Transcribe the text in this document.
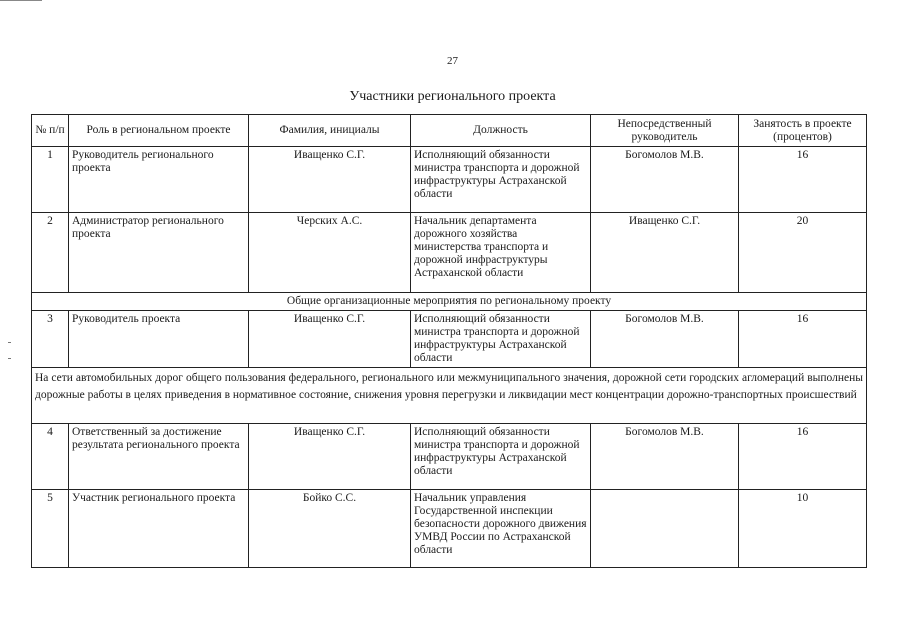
27
Участники регионального проекта
№ п/п	Роль в региональном проекте	Фамилия, инициалы	Должность	Непосредственный руководитель	Занятость в проекте (процентов)
1	Руководитель регионального проекта	Иващенко С.Г.	Исполняющий обязанности министра транспорта и дорожной инфраструктуры Астраханской области	Богомолов М.В.	16
2	Администратор регионального проекта	Черских А.С.	Начальник департамента дорожного хозяйства министерства транспорта и дорожной инфраструктуры Астраханской области	Иващенко С.Г.	20
Общие организационные мероприятия по региональному проекту					
3	Руководитель проекта	Иващенко С.Г.	Исполняющий обязанности министра транспорта и дорожной инфраструктуры Астраханской области	Богомолов М.В.	16
На сети автомобильных дорог общего пользования федерального, регионального или межмуниципального значения, дорожной сети городских агломераций выполнены дорожные работы в целях приведения в нормативное состояние, снижения уровня перегрузки и ликвидации мест концентрации дорожно-транспортных происшествий					
4	Ответственный за достижение результата регионального проекта	Иващенко С.Г.	Исполняющий обязанности министра транспорта и дорожной инфраструктуры Астраханской области	Богомолов М.В.	16
5	Участник регионального проекта	Бойко С.С.	Начальник управления Государственной инспекции безопасности дорожного движения УМВД России по Астраханской области		10
